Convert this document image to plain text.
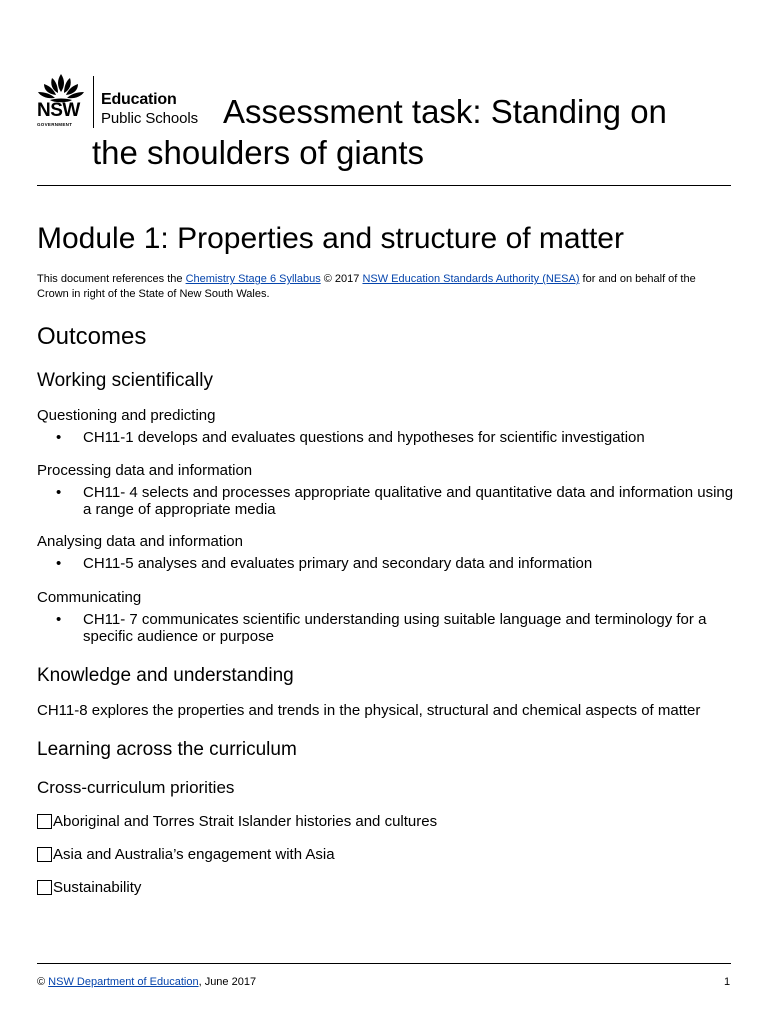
NSW
GOVERNMENT
Education
Public Schools Assessment task: Standing on
the shoulders of giants
Module 1: Properties and structure of matter
This document references the Chemistry Stage 6 Syllabus © 2017 NSW Education Standards Authority (NESA) for and on behalf of the Crown in right of the State of New South Wales.
Outcomes
Working scientifically
Questioning and predicting
• CH11-1 develops and evaluates questions and hypotheses for scientific investigation
Processing data and information
• CH11- 4 selects and processes appropriate qualitative and quantitative data and information using a range of appropriate media
Analysing data and information
• CH11-5 analyses and evaluates primary and secondary data and information
Communicating
• CH11- 7 communicates scientific understanding using suitable language and terminology for a specific audience or purpose
Knowledge and understanding
CH11-8 explores the properties and trends in the physical, structural and chemical aspects of matter
Learning across the curriculum
Cross-curriculum priorities
Aboriginal and Torres Strait Islander histories and cultures
Asia and Australia’s engagement with Asia
Sustainability
© NSW Department of Education, June 2017	1
